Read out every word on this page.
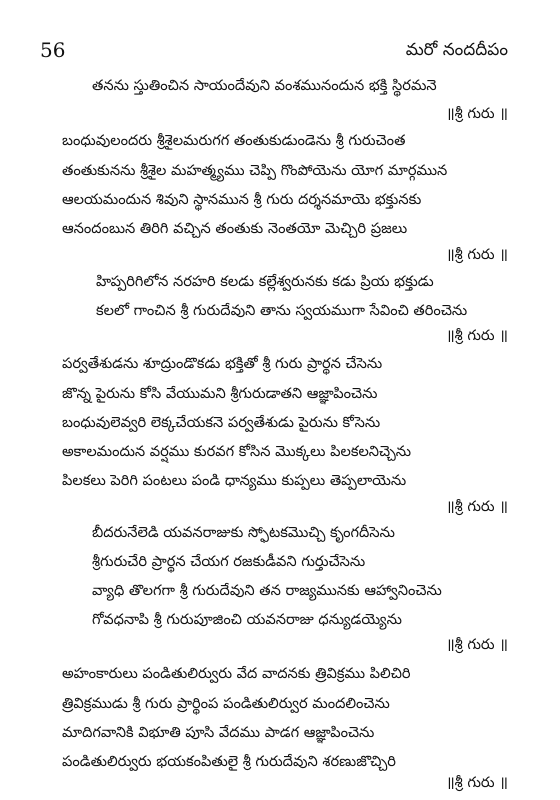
56	మరో నందదీపం
తనను స్తుతించిన సాయందేవుని వంశమునందున భక్తి స్థిరమనె
॥శ్రీ గురు ॥
బంధువులందరు శ్రీశైలమరుగగ తంతుకుడుండెను శ్రీ గురుచెంత
తంతుకునను శ్రీశైల మహత్మ్యము చెప్పి గొంపోయెను యోగ మార్గమున
ఆలయమందున శివుని స్థానమున శ్రీ గురు దర్శనమాయె భక్తునకు
ఆనందంబున తిరిగి వచ్చిన తంతుకు నెంతయో మెచ్చిరి ప్రజలు
॥శ్రీ గురు ॥
హిప్పరిగిలోన నరహరి కలడు కల్లేశ్వరునకు కడు ప్రియ భక్తుడు
కలలో గాంచిన శ్రీ గురుదేవుని తాను స్వయముగా సేవించి తరించెను
॥శ్రీ గురు ॥
పర్వతేశుడను శూద్రుండొకడు భక్తితో శ్రీ గురు ప్రార్థన చేసెను
జొన్న పైరును కోసి వేయుమని శ్రీగురుడాతని ఆజ్ఞాపించెను
బంధువులెవ్వరి లెక్కచేయకనె పర్వతేశుడు పైరును కోసెను
అకాలమందున వర్షము కురవగ కోసిన మొక్కలు పిలకలనిచ్చెను
పిలకలు పెరిగి పంటలు పండి ధాన్యము కుప్పలు తెప్పలాయెను
॥శ్రీ గురు ॥
బీదరునేలెడి యవనరాజుకు స్ఫోటకమొచ్చి కృంగదీసెను
శ్రీగురుచేరి ప్రార్థన చేయగ రజకుడీవని గుర్తుచేసెను
వ్యాధి తొలగగా శ్రీ గురుదేవుని తన రాజ్యమునకు ఆహ్వానించెను
గోవధనాపి శ్రీ గురుపూజించి యవనరాజు ధన్యుడయ్యెను
॥శ్రీ గురు ॥
అహంకారులు పండితులిర్వురు వేద వాదనకు త్రివిక్రము పిలిచిరి
త్రివిక్రముడు శ్రీ గురు ప్రార్థింప పండితులిర్వుర మందలించెను
మాదిగవానికి విభూతి పూసి వేదము పాడగ ఆజ్ఞాపించెను
పండితులిర్వురు భయకంపితులై శ్రీ గురుదేవుని శరణుజొచ్చిరి
॥శ్రీ గురు ॥
